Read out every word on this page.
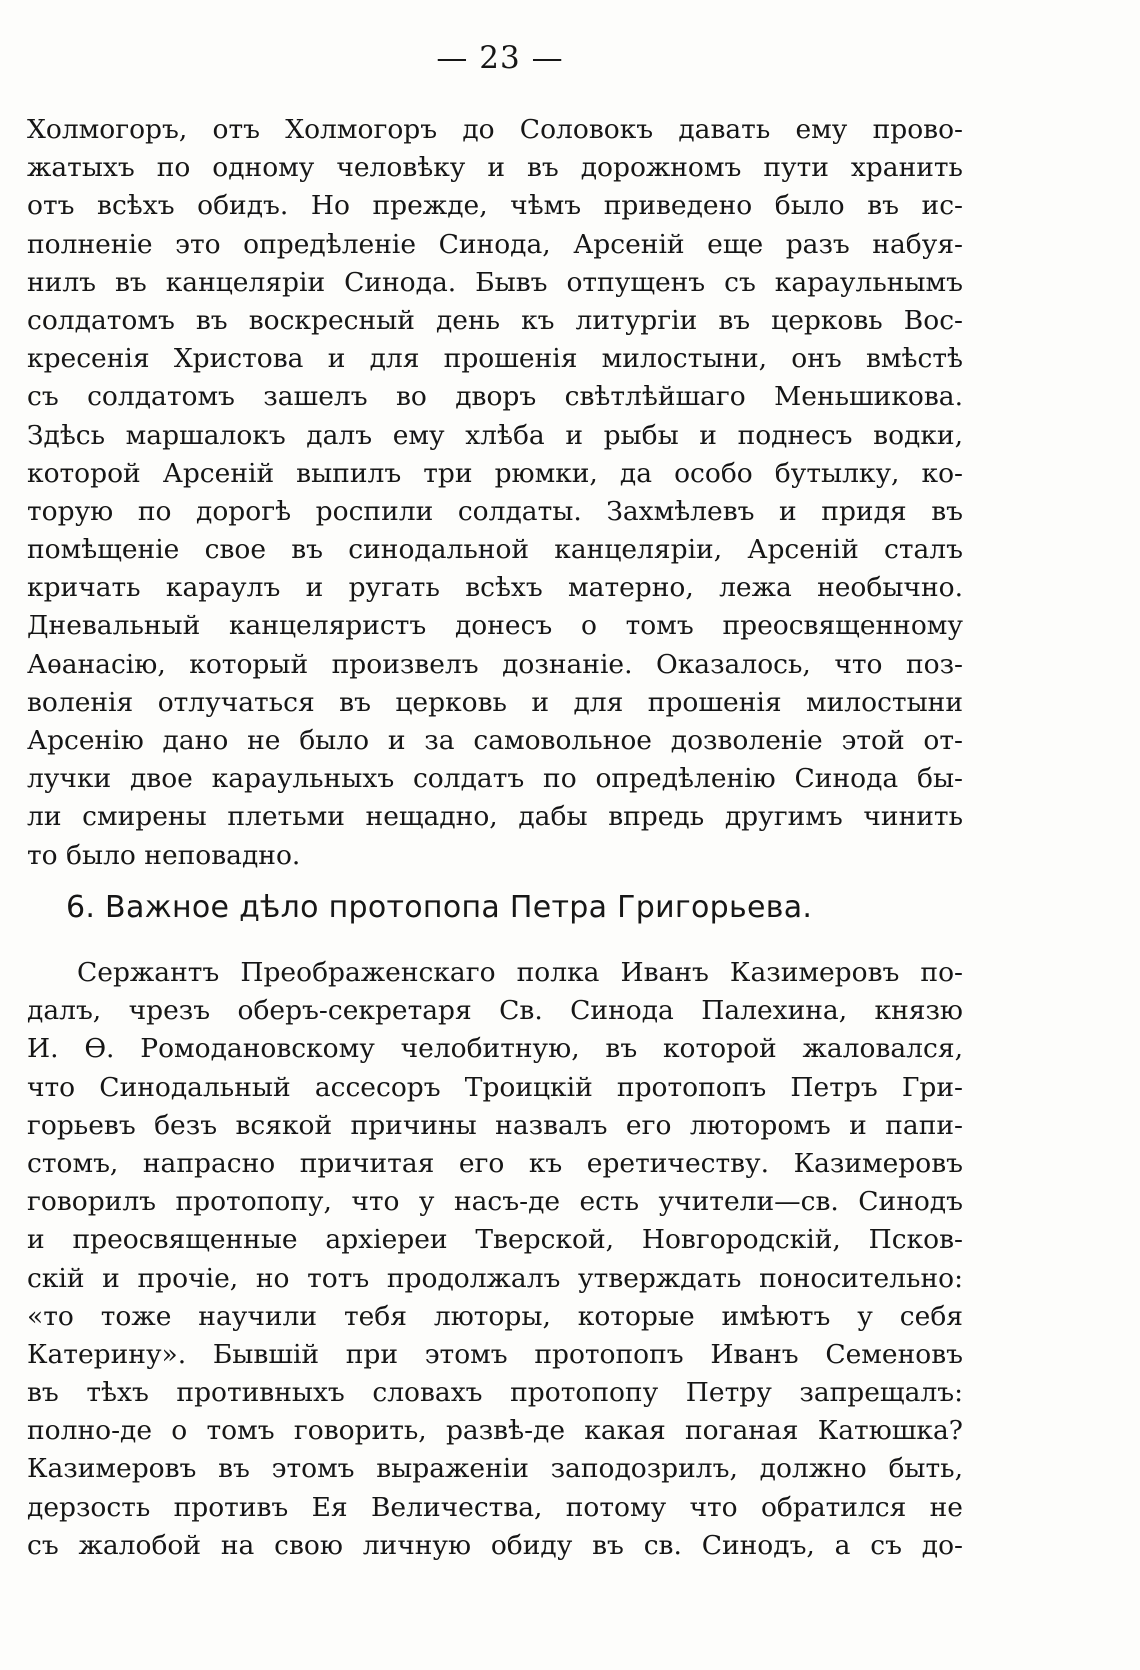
— 23 —
Холмогоръ, отъ Холмогоръ до Соловокъ давать ему прово-
жатыхъ по одному человѣку и въ дорожномъ пути хранить
отъ всѣхъ обидъ. Но прежде, чѣмъ приведено было въ ис-
полненіе это опредѣленіе Синода, Арсеній еще разъ набуя-
нилъ въ канцеляріи Синода. Бывъ отпущенъ съ караульнымъ
солдатомъ въ воскресный день къ литургіи въ церковь Вос-
кресенія Христова и для прошенія милостыни, онъ вмѣстѣ
съ солдатомъ зашелъ во дворъ свѣтлѣйшаго Меньшикова.
Здѣсь маршалокъ далъ ему хлѣба и рыбы и поднесъ водки,
которой Арсеній выпилъ три рюмки, да особо бутылку, ко-
торую по дорогѣ роспили солдаты. Захмѣлевъ и придя въ
помѣщеніе свое въ синодальной канцеляріи, Арсеній сталъ
кричать караулъ и ругать всѣхъ матерно, лежа необычно.
Дневальный канцеляристъ донесъ о томъ преосвященному
Аѳанасію, который произвелъ дознаніе. Оказалось, что поз-
воленія отлучаться въ церковь и для прошенія милостыни
Арсенію дано не было и за самовольное дозволеніе этой от-
лучки двое караульныхъ солдатъ по опредѣленію Синода бы-
ли смирены плетьми нещадно, дабы впредь другимъ чинить
то было неповадно.
6. Важное дѣло протопопа Петра Григорьева.
Сержантъ Преображенскаго полка Иванъ Казимеровъ по-
далъ, чрезъ оберъ-секретаря Св. Синода Палехина, князю
И. Ѳ. Ромодановскому челобитную, въ которой жаловался,
что Синодальный ассесоръ Троицкій протопопъ Петръ Гри-
горьевъ безъ всякой причины назвалъ его люторомъ и папи-
стомъ, напрасно причитая его къ еретичеству. Казимеровъ
говорилъ протопопу, что у насъ-де есть учители—св. Синодъ
и преосвященные архіереи Тверской, Новгородскій, Псков-
скій и прочіе, но тотъ продолжалъ утверждать поносительно:
«то тоже научили тебя люторы, которые имѣютъ у себя
Катерину». Бывшій при этомъ протопопъ Иванъ Семеновъ
въ тѣхъ противныхъ словахъ протопопу Петру запрещалъ:
полно-де о томъ говорить, развѣ-де какая поганая Катюшка?
Казимеровъ въ этомъ выраженіи заподозрилъ, должно быть,
дерзость противъ Ея Величества, потому что обратился не
съ жалобой на свою личную обиду въ св. Синодъ, а съ до-
